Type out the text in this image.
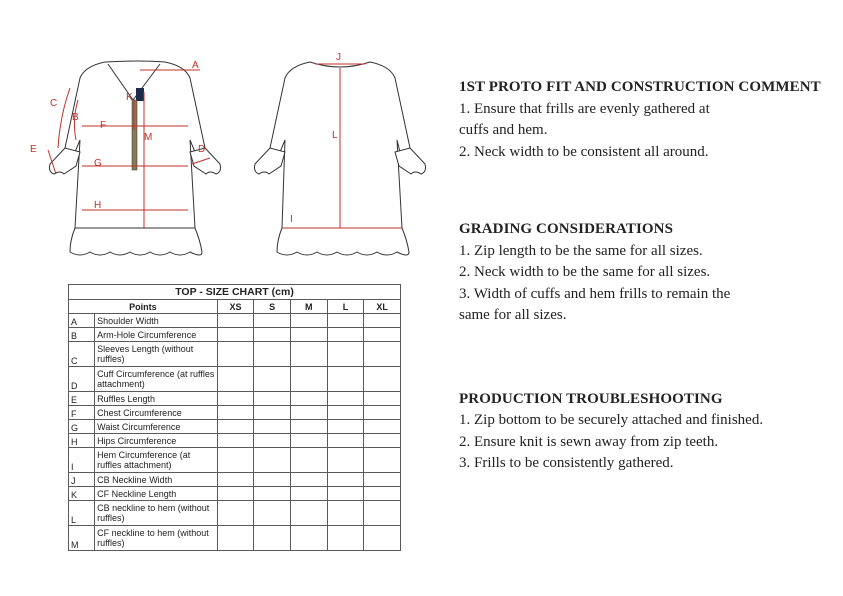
A
B
C
D
E
F
G
H
K
M
J
L
I
TOP - SIZE CHART (cm)						
Points		XS	S	M	L	XL
A	Shoulder Width					
B	Arm-Hole Circumference					
C	Sleeves Length (without ruffles)					
D	Cuff Circumference (at ruffles attachment)					
E	Ruffles Length					
F	Chest Circumference					
G	Waist Circumference					
H	Hips Circumference					
I	Hem Circumference (at ruffles attachment)					
J	CB Neckline Width					
K	CF Neckline Length					
L	CB neckline to hem (without ruffles)					
M	CF neckline to hem (without ruffles)					
1ST PROTO FIT AND CONSTRUCTION COMMENT

1. Ensure that frills are evenly gathered at

cuffs and hem.

2. Neck width to be consistent all around.

GRADING CONSIDERATIONS

1. Zip length to be the same for all sizes.

2. Neck width to be the same for all sizes.

3. Width of cuffs and hem frills to remain the

same for all sizes.

PRODUCTION TROUBLESHOOTING

1. Zip bottom to be securely attached and finished.

2. Ensure knit is sewn away from zip teeth.

3. Frills to be consistently gathered.
